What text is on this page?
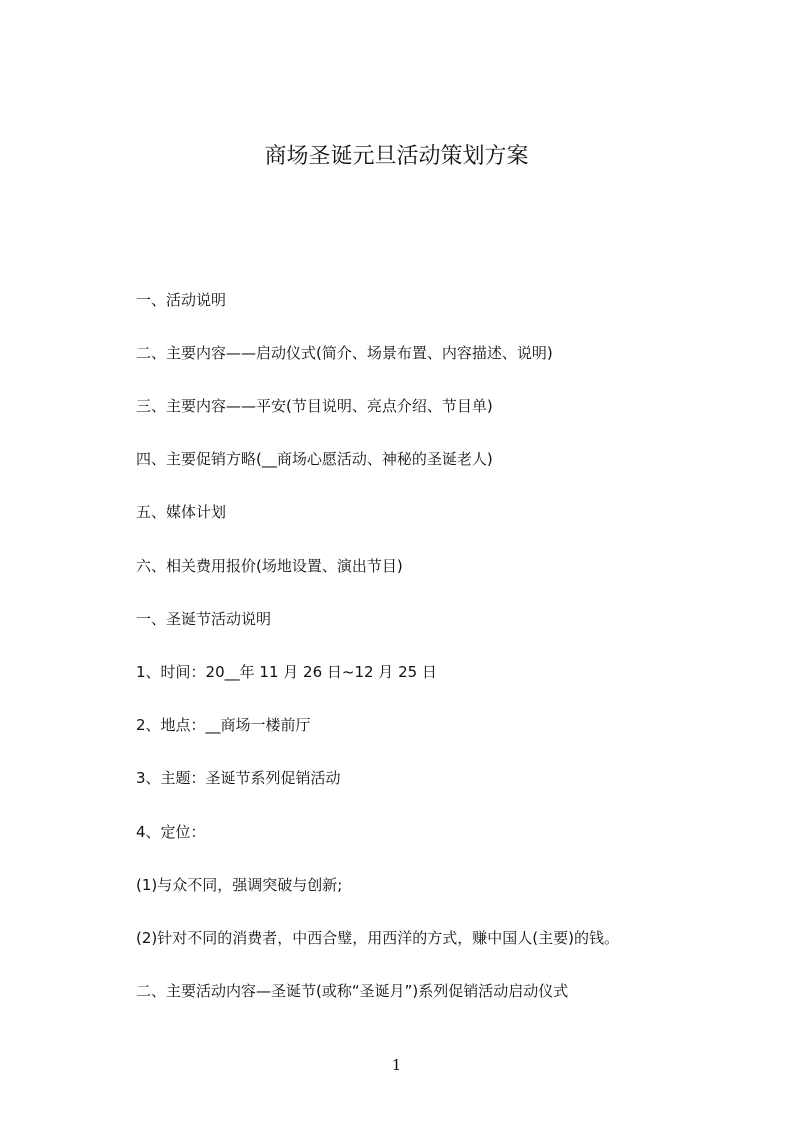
商场圣诞元旦活动策划方案

一、活动说明

二、主要内容——启动仪式(简介、场景布置、内容描述、说明)

三、主要内容——平安(节目说明、亮点介绍、节目单)

四、主要促销方略(__商场心愿活动、神秘的圣诞老人)

五、媒体计划

六、相关费用报价(场地设置、演出节目)

一、圣诞节活动说明

1、时间：20__年 11 月 26 日~12 月 25 日

2、地点：__商场一楼前厅

3、主题：圣诞节系列促销活动

4、定位：

(1)与众不同，强调突破与创新;

(2)针对不同的消费者，中西合璧，用西洋的方式，赚中国人(主要)的钱。

二、主要活动内容—圣诞节(或称“圣诞月”)系列促销活动启动仪式

1
